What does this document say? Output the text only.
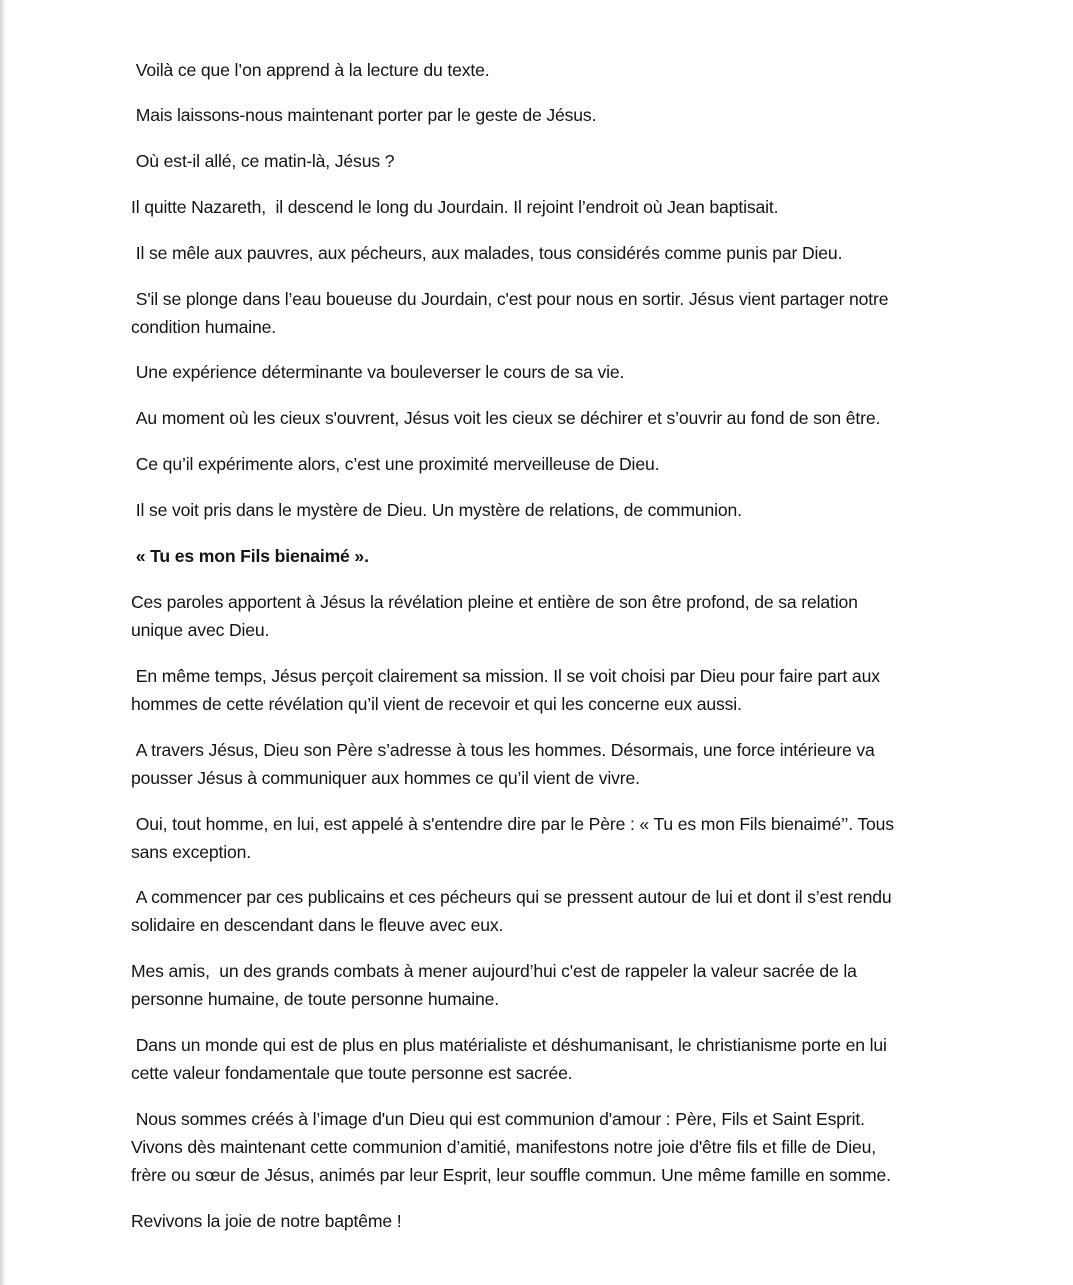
Voilà ce que l’on apprend à la lecture du texte.

Mais laissons-nous maintenant porter par le geste de Jésus.

Où est-il allé, ce matin-là, Jésus ?

Il quitte Nazareth,  il descend le long du Jourdain. Il rejoint l’endroit où Jean baptisait.

Il se mêle aux pauvres, aux pécheurs, aux malades, tous considérés comme punis par Dieu.

S'il se plonge dans l’eau boueuse du Jourdain, c'est pour nous en sortir. Jésus vient partager notre
condition humaine.

Une expérience déterminante va bouleverser le cours de sa vie.

Au moment où les cieux s'ouvrent, Jésus voit les cieux se déchirer et s’ouvrir au fond de son être.

Ce qu’il expérimente alors, c’est une proximité merveilleuse de Dieu.

Il se voit pris dans le mystère de Dieu. Un mystère de relations, de communion.

« Tu es mon Fils bienaimé ».

Ces paroles apportent à Jésus la révélation pleine et entière de son être profond, de sa relation
unique avec Dieu.

En même temps, Jésus perçoit clairement sa mission. Il se voit choisi par Dieu pour faire part aux
hommes de cette révélation qu’il vient de recevoir et qui les concerne eux aussi.

A travers Jésus, Dieu son Père s’adresse à tous les hommes. Désormais, une force intérieure va
pousser Jésus à communiquer aux hommes ce qu’il vient de vivre.

Oui, tout homme, en lui, est appelé à s'entendre dire par le Père : « Tu es mon Fils bienaimé’’. Tous
sans exception.

A commencer par ces publicains et ces pécheurs qui se pressent autour de lui et dont il s’est rendu
solidaire en descendant dans le fleuve avec eux.

Mes amis,  un des grands combats à mener aujourd’hui c'est de rappeler la valeur sacrée de la
personne humaine, de toute personne humaine.

Dans un monde qui est de plus en plus matérialiste et déshumanisant, le christianisme porte en lui
cette valeur fondamentale que toute personne est sacrée.

Nous sommes créés à l’image d'un Dieu qui est communion d'amour : Père, Fils et Saint Esprit.
Vivons dès maintenant cette communion d’amitié, manifestons notre joie d'être fils et fille de Dieu,
frère ou sœur de Jésus, animés par leur Esprit, leur souffle commun. Une même famille en somme.

Revivons la joie de notre baptême !
